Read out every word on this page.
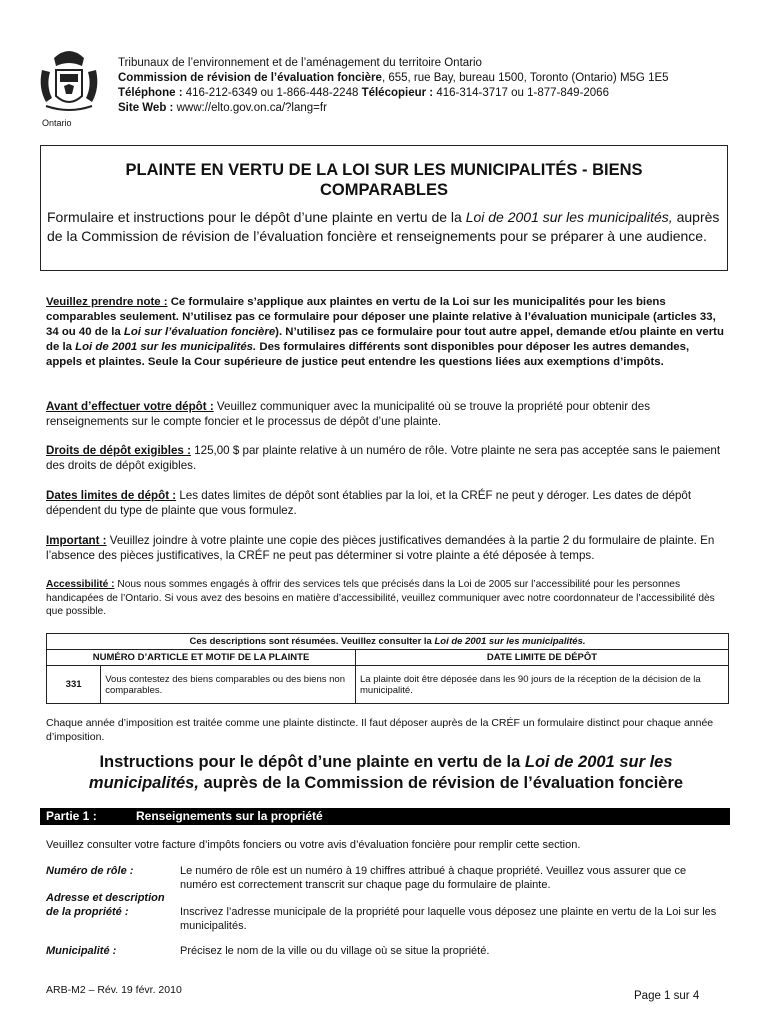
Ontario
Tribunaux de l’environnement et de l’aménagement du territoire Ontario
Commission de révision de l’évaluation foncière, 655, rue Bay, bureau 1500, Toronto (Ontario) M5G 1E5
Téléphone : 416-212-6349 ou 1-866-448-2248 Télécopieur : 416-314-3717 ou 1-877-849-2066
Site Web : www://elto.gov.on.ca/?lang=fr
PLAINTE EN VERTU DE LA LOI SUR LES MUNICIPALITÉS - BIENS COMPARABLES
Formulaire et instructions pour le dépôt d’une plainte en vertu de la Loi de 2001 sur les municipalités, auprès de la Commission de révision de l’évaluation foncière et renseignements pour se préparer à une audience.
Veuillez prendre note : Ce formulaire s’applique aux plaintes en vertu de la Loi sur les municipalités pour les biens comparables seulement. N’utilisez pas ce formulaire pour déposer une plainte relative à l’évaluation municipale (articles 33, 34 ou 40 de la Loi sur l’évaluation foncière). N’utilisez pas ce formulaire pour tout autre appel, demande et/ou plainte en vertu de la Loi de 2001 sur les municipalités. Des formulaires différents sont disponibles pour déposer les autres demandes, appels et plaintes. Seule la Cour supérieure de justice peut entendre les questions liées aux exemptions d’impôts.
Avant d’effectuer votre dépôt : Veuillez communiquer avec la municipalité où se trouve la propriété pour obtenir des renseignements sur le compte foncier et le processus de dépôt d’une plainte.
Droits de dépôt exigibles : 125,00 $ par plainte relative à un numéro de rôle. Votre plainte ne sera pas acceptée sans le paiement des droits de dépôt exigibles.
Dates limites de dépôt : Les dates limites de dépôt sont établies par la loi, et la CRÉF ne peut y déroger. Les dates de dépôt dépendent du type de plainte que vous formulez.
Important : Veuillez joindre à votre plainte une copie des pièces justificatives demandées à la partie 2 du formulaire de plainte. En l’absence des pièces justificatives, la CRÉF ne peut pas déterminer si votre plainte a été déposée à temps.
Accessibilité : Nous nous sommes engagés à offrir des services tels que précisés dans la Loi de 2005 sur l’accessibilité pour les personnes handicapées de l’Ontario. Si vous avez des besoins en matière d’accessibilité, veuillez communiquer avec notre coordonnateur de l’accessibilité dès que possible.
Ces descriptions sont résumées. Veuillez consulter la Loi de 2001 sur les municipalités.		
NUMÉRO D’ARTICLE ET MOTIF DE LA PLAINTE		DATE LIMITE DE DÉPÔT
331	Vous contestez des biens comparables ou des biens non comparables.	La plainte doit être déposée dans les 90 jours de la réception de la décision de la municipalité.
Chaque année d’imposition est traitée comme une plainte distincte. Il faut déposer auprès de la CRÉF un formulaire distinct pour chaque année d’imposition.
Instructions pour le dépôt d’une plainte en vertu de la Loi de 2001 sur les municipalités, auprès de la Commission de révision de l’évaluation foncière
Partie 1 :	Renseignements sur la propriété
Veuillez consulter votre facture d’impôts fonciers ou votre avis d’évaluation foncière pour remplir cette section.
Numéro de rôle :	Le numéro de rôle est un numéro à 19 chiffres attribué à chaque propriété. Veuillez vous assurer que ce numéro est correctement transcrit sur chaque page du formulaire de plainte.
Adresse et description de la propriété :	Inscrivez l’adresse municipale de la propriété pour laquelle vous déposez une plainte en vertu de la Loi sur les municipalités.
Municipalité :	Précisez le nom de la ville ou du village où se situe la propriété.
ARB-M2 – Rév. 19 févr. 2010	Page 1 sur 4
